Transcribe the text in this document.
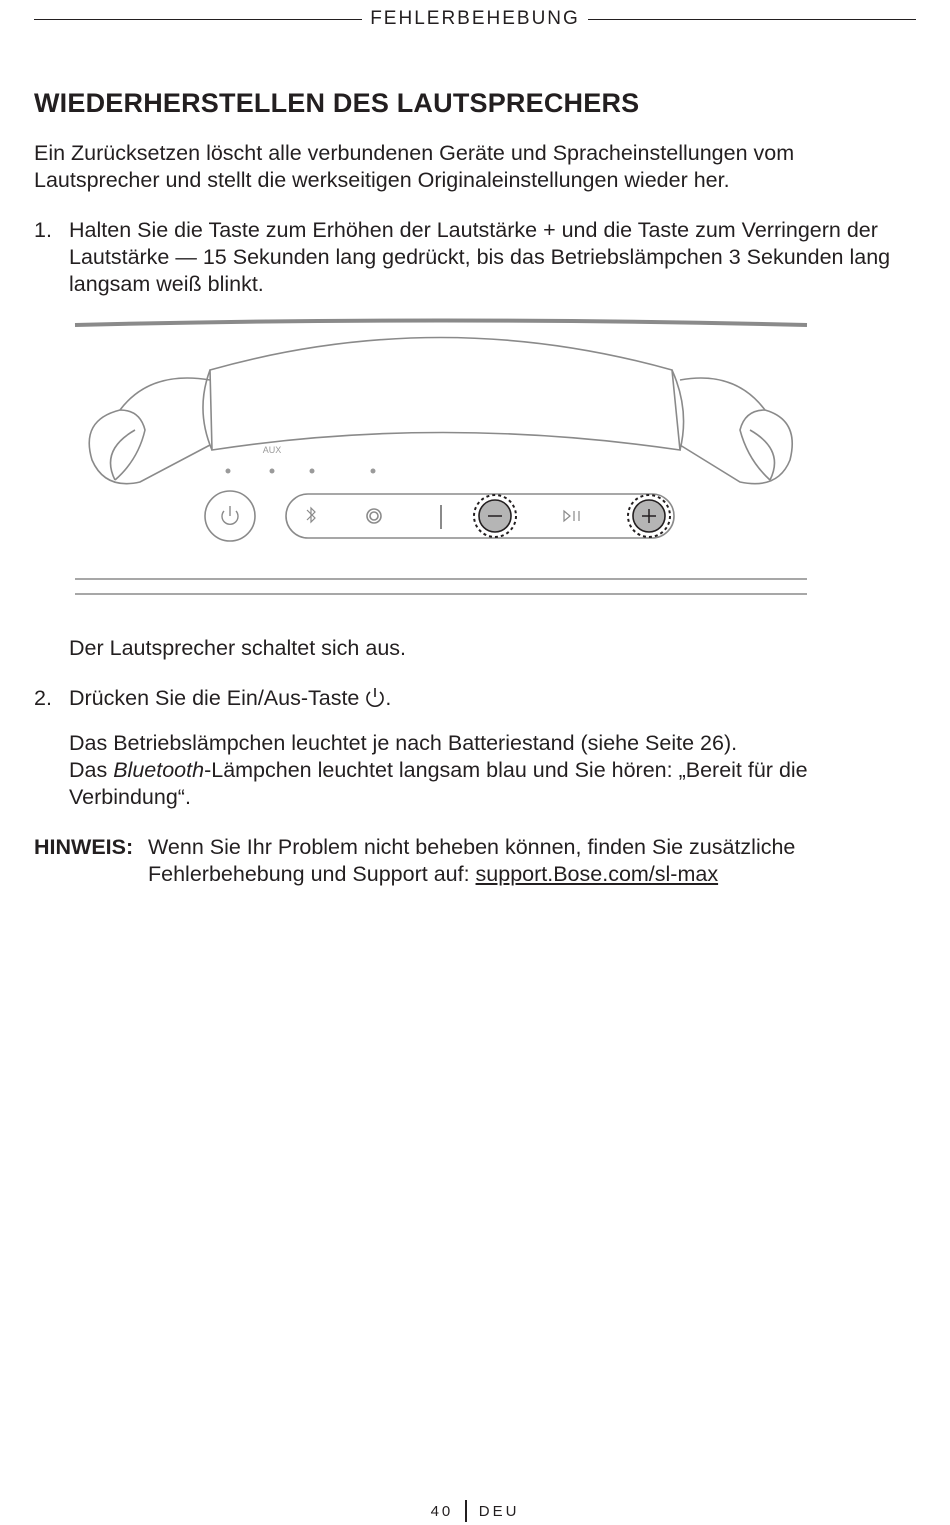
FEHLERBEHEBUNG
WIEDERHERSTELLEN DES LAUTSPRECHERS

Ein Zurücksetzen löscht alle verbundenen Geräte und Spracheinstellungen vom Lautsprecher und stellt die werkseitigen Originaleinstellungen wieder her.

1. Halten Sie die Taste zum Erhöhen der Lautstärke + und die Taste zum Verringern der Lautstärke — 15 Sekunden lang gedrückt, bis das Betriebslämpchen 3 Sekunden lang langsam weiß blinkt.

AUX

Der Lautsprecher schaltet sich aus.

2. Drücken Sie die Ein/Aus-Taste .

Das Betriebslämpchen leuchtet je nach Batteriestand (siehe Seite 26).
Das Bluetooth-Lämpchen leuchtet langsam blau und Sie hören: „Bereit für die Verbindung“.
HINWEIS: Wenn Sie Ihr Problem nicht beheben können, finden Sie zusätzliche Fehlerbehebung und Support auf: support.Bose.com/sl-max

40 DEU
